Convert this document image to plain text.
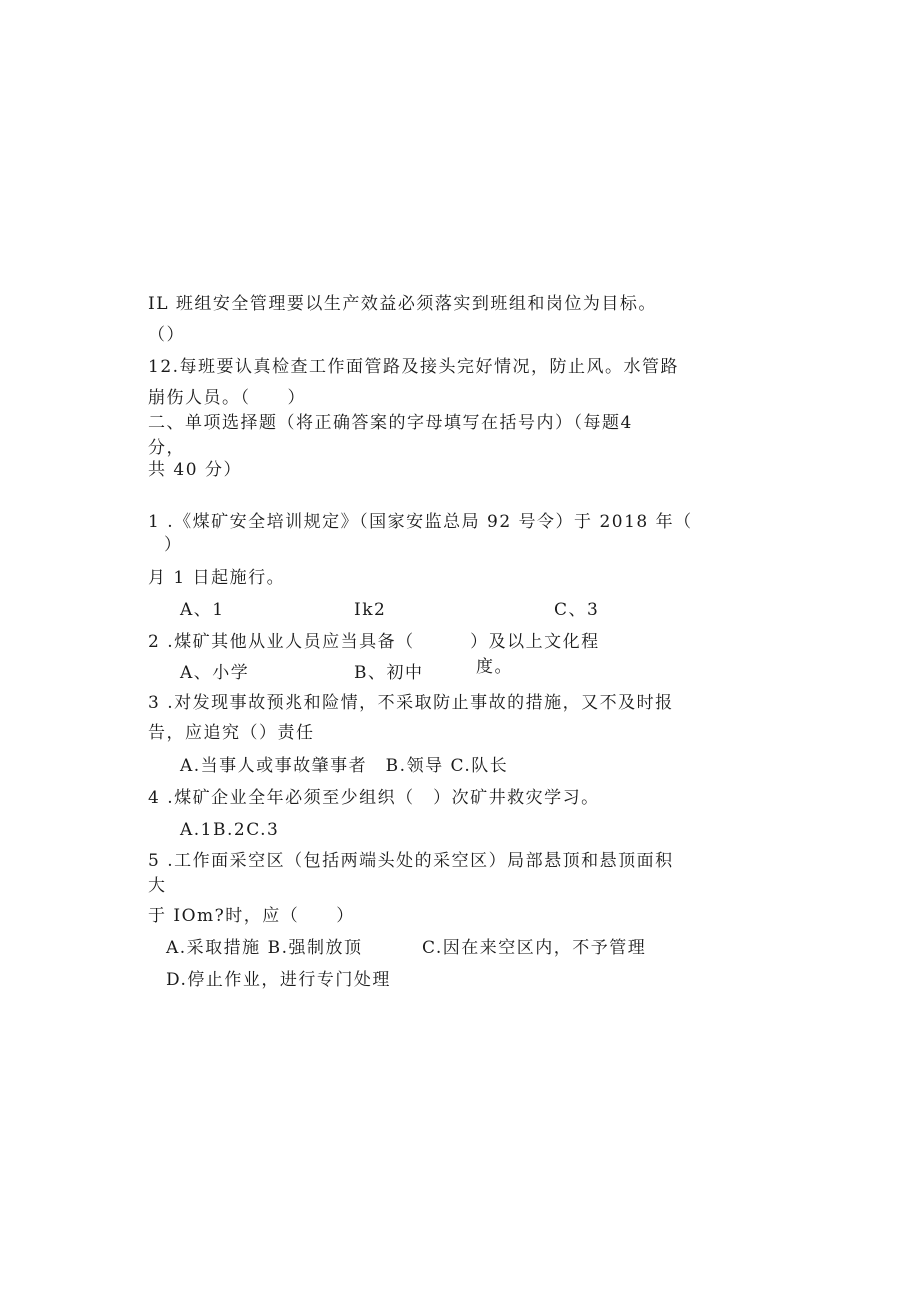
IL 班组安全管理要以生产效益必须落实到班组和岗位为目标。
（）
12.每班要认真检查工作面管路及接头完好情况，防止风。水管路
崩伤人员。（　　）
二、单项选择题（将正确答案的字母填写在括号内）（每题4
分，
共 40 分）
1 .《煤矿安全培训规定》（国家安监总局 92 号令）于 2018 年（
）
月 1 日起施行。
A、1	Ik2	C、3
2 .煤矿其他从业人员应当具备（　　　）及以上文化程
A、小学	B、初中	度。
3 .对发现事故预兆和险情，不采取防止事故的措施，又不及时报
告，应追究（）责任
A.当事人或事故肇事者　B.领导 C.队长
4 .煤矿企业全年必须至少组织（　）次矿井救灾学习。
A.1B.2C.3
5 .工作面采空区（包括两端头处的采空区）局部悬顶和悬顶面积
大
于 IOm?时，应（　　）
A.采取措施 B.强制放顶	C.因在来空区内，不予管理
D.停止作业，进行专门处理
